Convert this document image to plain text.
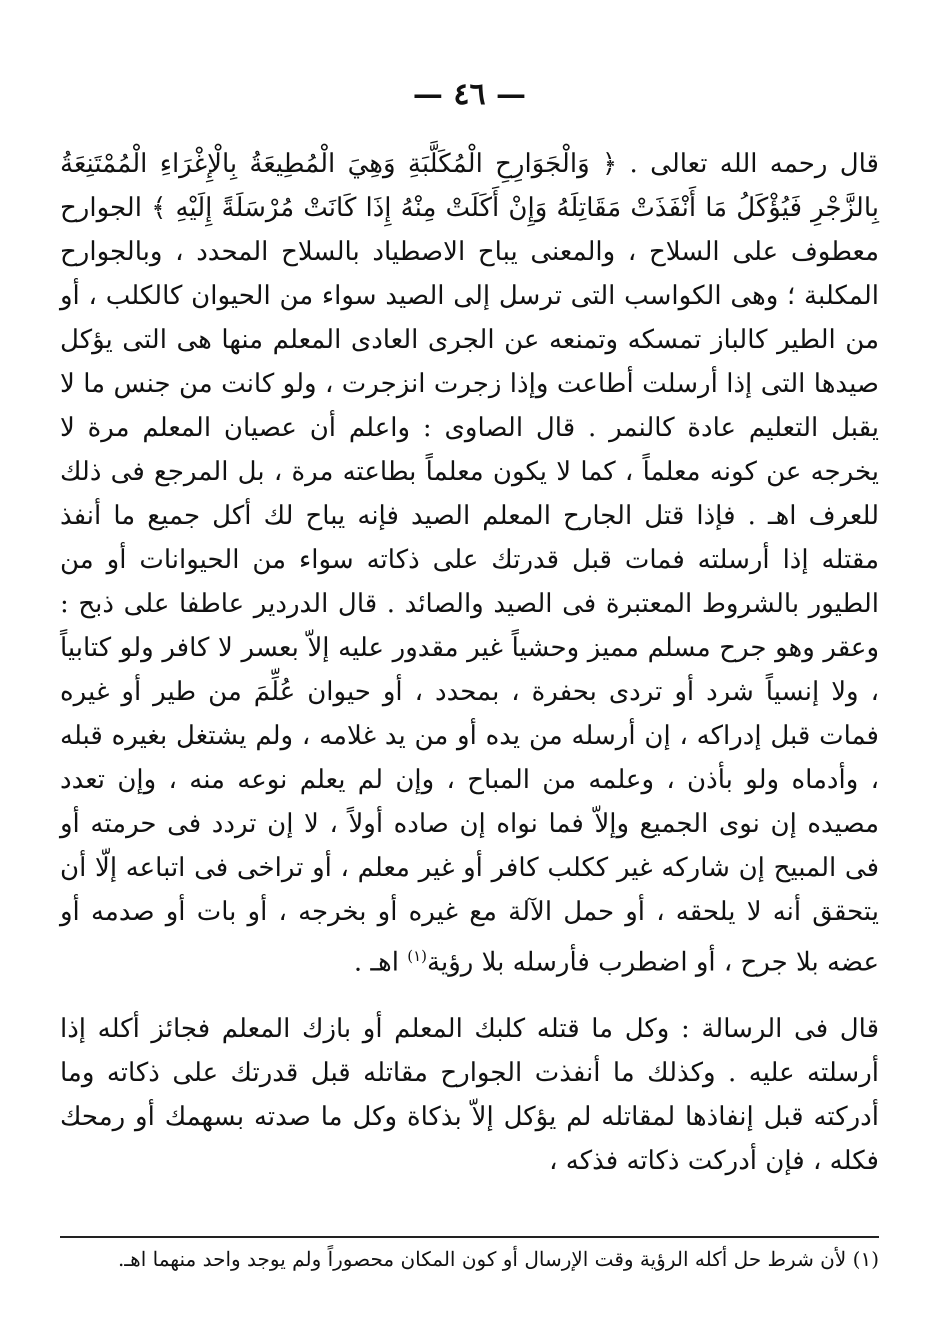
— ٤٦ —

قال رحمه الله تعالى . ﴿ وَالْجَوَارِحِ الْمُكَلَّبَةِ وَهِيَ الْمُطِيعَةُ بِالْإِغْرَاءِ الْمُمْتَنِعَةُ بِالزَّجْرِ فَيُؤْكَلُ مَا أَنْفَذَتْ مَقَاتِلَهُ وَإِنْ أَكَلَتْ مِنْهُ إِذَا كَانَتْ مُرْسَلَةً إِلَيْهِ ﴾ الجوارح معطوف على السلاح ، والمعنى يباح الاصطياد بالسلاح المحدد ، وبالجوارح المكلبة ؛ وهى الكواسب التى ترسل إلى الصيد سواء من الحيوان كالكلب ، أو من الطير كالباز تمسكه وتمنعه عن الجرى العادى المعلم منها هى التى يؤكل صيدها التى إذا أرسلت أطاعت وإذا زجرت انزجرت ، ولو كانت من جنس ما لا يقبل التعليم عادة كالنمر . قال الصاوى : واعلم أن عصيان المعلم مرة لا يخرجه عن كونه معلماً ، كما لا يكون معلماً بطاعته مرة ، بل المرجع فى ذلك للعرف اهـ . فإذا قتل الجارح المعلم الصيد فإنه يباح لك أكل جميع ما أنفذ مقتله إذا أرسلته فمات قبل قدرتك على ذكاته سواء من الحيوانات أو من الطيور بالشروط المعتبرة فى الصيد والصائد . قال الدردير عاطفا على ذبح : وعقر وهو جرح مسلم مميز وحشياً غير مقدور عليه إلاّ بعسر لا كافر ولو كتابياً ، ولا إنسياً شرد أو تردى بحفرة ، بمحدد ، أو حيوان عُلِّمَ من طير أو غيره فمات قبل إدراكه ، إن أرسله من يده أو من يد غلامه ، ولم يشتغل بغيره قبله ، وأدماه ولو بأذن ، وعلمه من المباح ، وإن لم يعلم نوعه منه ، وإن تعدد مصيده إن نوى الجميع وإلاّ فما نواه إن صاده أولاً ، لا إن تردد فى حرمته أو فى المبيح إن شاركه غير ككلب كافر أو غير معلم ، أو تراخى فى اتباعه إلّا أن يتحقق أنه لا يلحقه ، أو حمل الآلة مع غيره أو بخرجه ، أو بات أو صدمه أو عضه بلا جرح ، أو اضطرب فأرسله بلا رؤية$^{(١)}$ اهـ .

قال فى الرسالة : وكل ما قتله كلبك المعلم أو بازك المعلم فجائز أكله إذا أرسلته عليه . وكذلك ما أنفذت الجوارح مقاتله قبل قدرتك على ذكاته وما أدركته قبل إنفاذها لمقاتله لم يؤكل إلاّ بذكاة وكل ما صدته بسهمك أو رمحك فكله ، فإن أدركت ذكاته فذكه ،

(١) لأن شرط حل أكله الرؤية وقت الإرسال أو كون المكان محصوراً ولم يوجد واحد منهما اهـ.
